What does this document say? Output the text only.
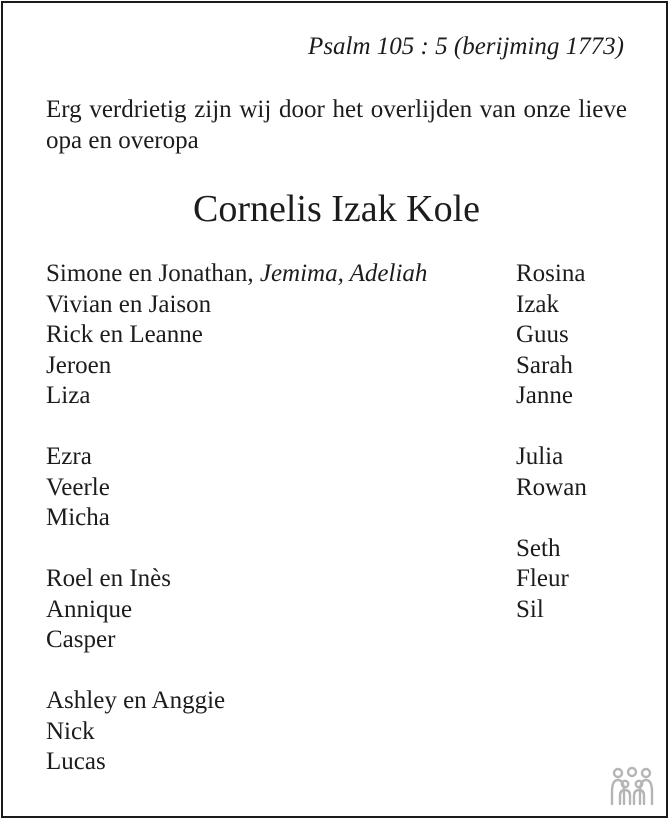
Psalm 105 : 5 (berijming 1773)
Erg verdrietig zijn wij door het overlijden van onze lieve opa en overopa
Cornelis Izak Kole
Simone en Jonathan, Jemima, Adeliah
Vivian en Jaison
Rick en Leanne
Jeroen
Liza
Ezra
Veerle
Micha
Roel en Inès
Annique
Casper
Ashley en Anggie
Nick
Lucas
Rosina
Izak
Guus
Sarah
Janne
Julia
Rowan
Seth
Fleur
Sil
